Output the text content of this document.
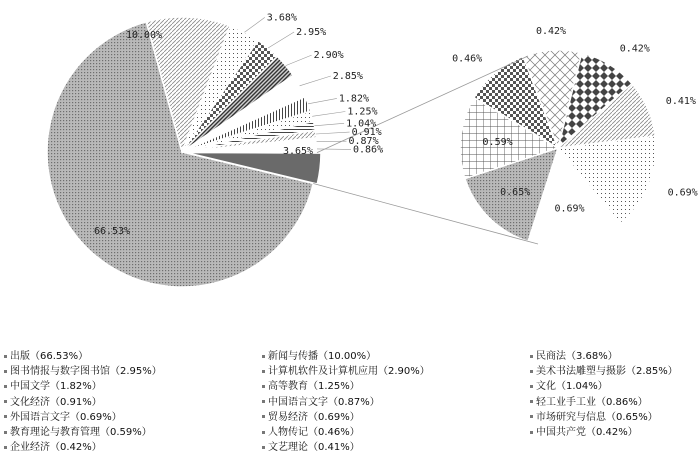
66.53%
10.00%
3.68%
2.95%
2.90%
2.85%
1.82%
1.25%
1.04%
0.91%
0.87%
0.86%
3.65%
0.69%
0.69%
0.65%
0.59%
0.46%
0.42%
0.42%
0.41%
出版（66.53%）	新闻与传播（10.00%）	民商法（3.68%）
图书情报与数字图书馆（2.95%）	计算机软件及计算机应用（2.90%）	美术书法雕塑与摄影（2.85%）
中国文学（1.82%）	高等教育（1.25%）	文化（1.04%）
文化经济（0.91%）	中国语言文字（0.87%）	轻工业手工业（0.86%）
外国语言文字（0.69%）	贸易经济（0.69%）	市场研究与信息（0.65%）
教育理论与教育管理（0.59%）	人物传记（0.46%）	中国共产党（0.42%）
企业经济（0.42%）	文艺理论（0.41%）
